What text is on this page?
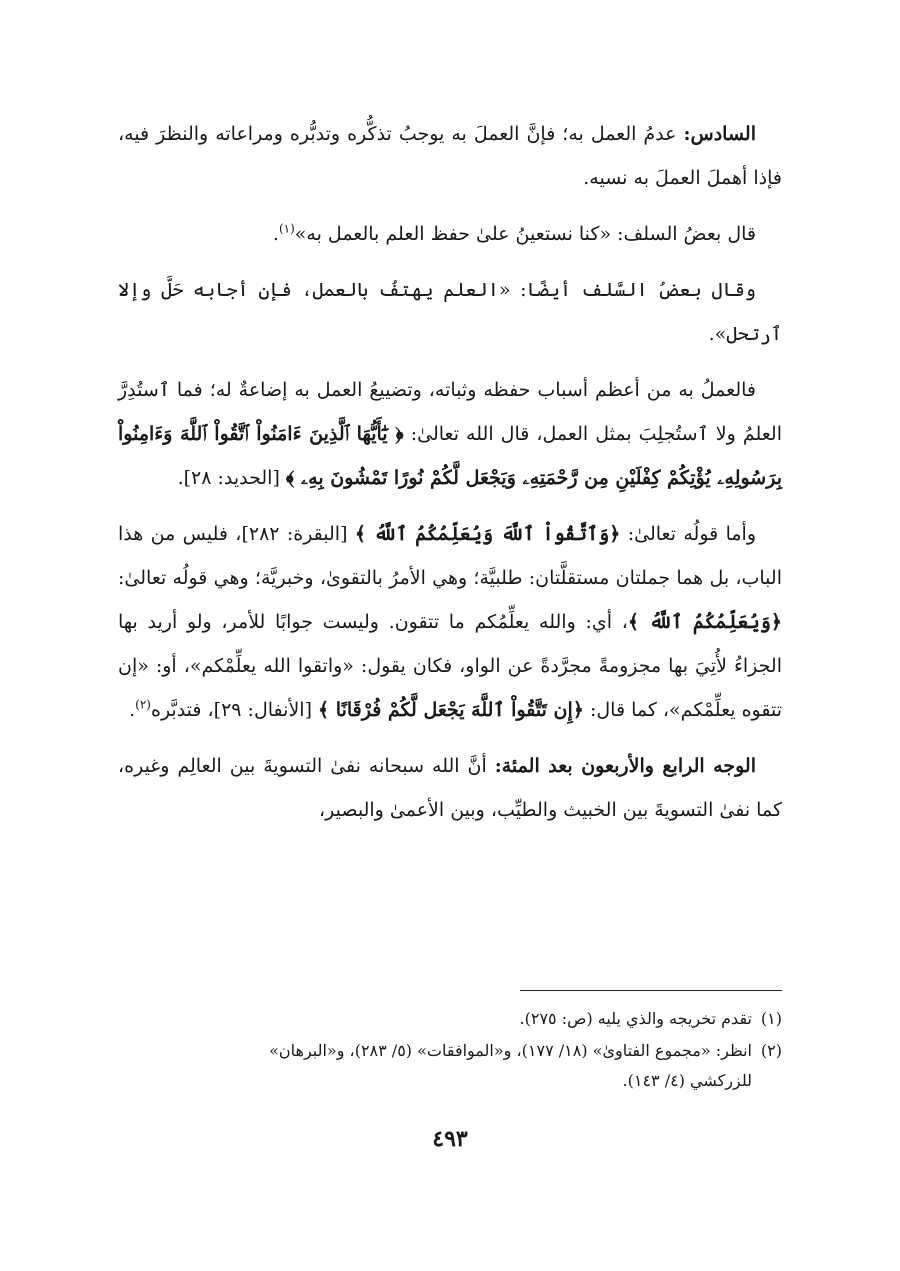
السادس: عدمُ العمل به؛ فإنَّ العملَ به يوجبُ تذكُّره وتدبُّره ومراعاته والنظرَ فيه، فإذا أهملَ العملَ به نسيه.

قال بعضُ السلف: «كنا نستعينُ علىٰ حفظ العلم بالعمل به»$^{(١)}$.

وقال بعضُ السَّلف أيضًا: «العلم يهتفُ بالعمل، فإن أجابه حَلَّ وإلا ٱرتحل».

فالعملُ به من أعظم أسباب حفظه وثباته، وتضييعُ العمل به إضاعةٌ له؛ فما ٱستُدِرَّ العلمُ ولا ٱستُجلِبَ بمثل العمل، قال الله تعالىٰ: ﴿ يَٰٓأَيُّهَا ٱلَّذِينَ ءَامَنُواْ ٱتَّقُواْ ٱللَّهَ وَءَامِنُواْ بِرَسُولِهِۦ يُؤْتِكُمْ كِفْلَيْنِ مِن رَّحْمَتِهِۦ وَيَجْعَل لَّكُمْ نُورًا تَمْشُونَ بِهِۦ ﴾ [الحديد: ٢٨].

وأما قولُه تعالىٰ: ﴿وَٱتَّقُواْ ٱللَّهَ وَيُعَلِّمُكُمُ ٱللَّهُ ﴾ [البقرة: ٢٨٢]، فليس من هذا الباب، بل هما جملتان مستقلَّتان: طلبيَّة؛ وهي الأمرُ بالتقوىٰ، وخبريَّة؛ وهي قولُه تعالىٰ: ﴿وَيُعَلِّمُكُمُ ٱللَّهُ ﴾، أي: والله يعلِّمُكم ما تتقون. وليست جوابًا للأمر، ولو أريد بها الجزاءُ لأُتِيَ بها مجزومةً مجرَّدةً عن الواو، فكان يقول: «واتقوا الله يعلِّمْكم»، أو: «إن تتقوه يعلِّمْكم»، كما قال: ﴿إِن تَتَّقُواْ ٱللَّهَ يَجْعَل لَّكُمْ فُرْقَانًا ﴾ [الأنفال: ٢٩]، فتدبَّره$^{(٢)}$.

الوجه الرابع والأربعون بعد المئة: أنَّ الله سبحانه نفىٰ التسويةَ بين العالِم وغيره، كما نفىٰ التسويةَ بين الخبيث والطيِّب، وبين الأعمىٰ والبصير،

(١)تقدم تخريجه والذي يليه (ص: ٢٧٥).
(٢)انظر: «مجموع الفتاوىٰ» (١٨/ ١٧٧)، و«الموافقات» (٥/ ٢٨٣)، و«البرهان»
للزركشي (٤/ ١٤٣).
٤٩٣
